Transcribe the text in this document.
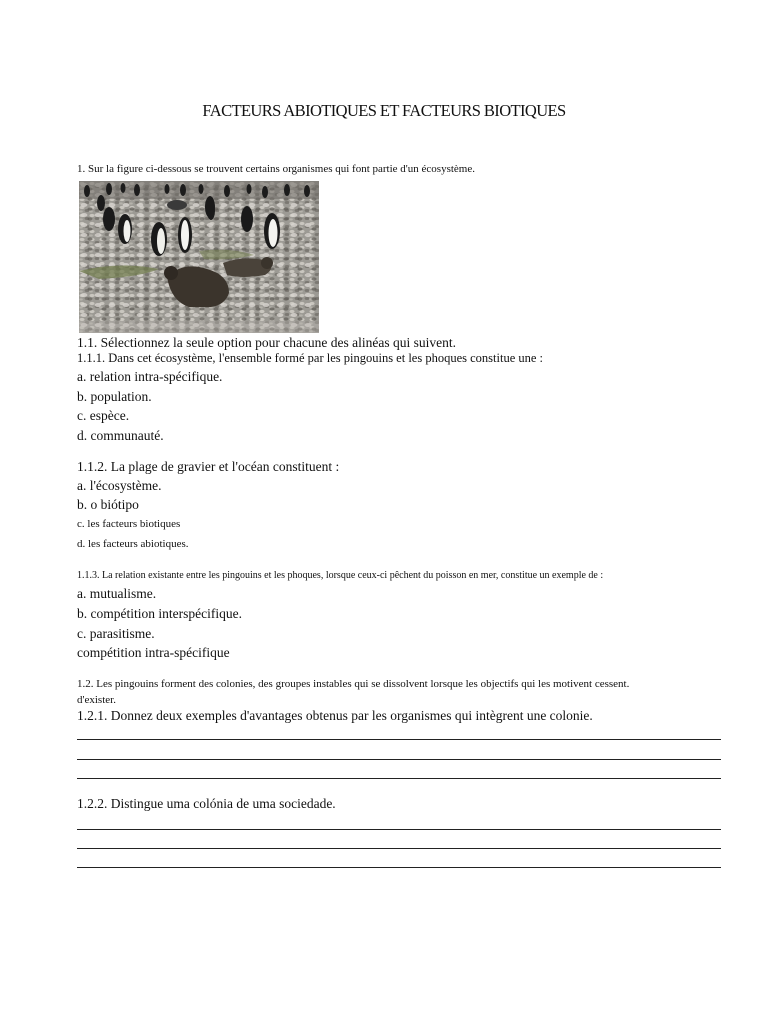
FACTEURS ABIOTIQUES ET FACTEURS BIOTIQUES
1. Sur la figure ci-dessous se trouvent certains organismes qui font partie d'un écosystème.
1.1. Sélectionnez la seule option pour chacune des alinéas qui suivent.
1.1.1. Dans cet écosystème, l'ensemble formé par les pingouins et les phoques constitue une :
a. relation intra-spécifique.
b. population.
c. espèce.
d. communauté.
1.1.2. La plage de gravier et l'océan constituent :
a. l'écosystème.
b. o biótipo
c. les facteurs biotiques
d. les facteurs abiotiques.
1.1.3. La relation existante entre les pingouins et les phoques, lorsque ceux-ci pêchent du poisson en mer, constitue un exemple de :
a. mutualisme.
b. compétition interspécifique.
c. parasitisme.
compétition intra-spécifique
1.2. Les pingouins forment des colonies, des groupes instables qui se dissolvent lorsque les objectifs qui les motivent cessent.
d'exister.
1.2.1. Donnez deux exemples d'avantages obtenus par les organismes qui intègrent une colonie.
1.2.2. Distingue uma colónia de uma sociedade.
